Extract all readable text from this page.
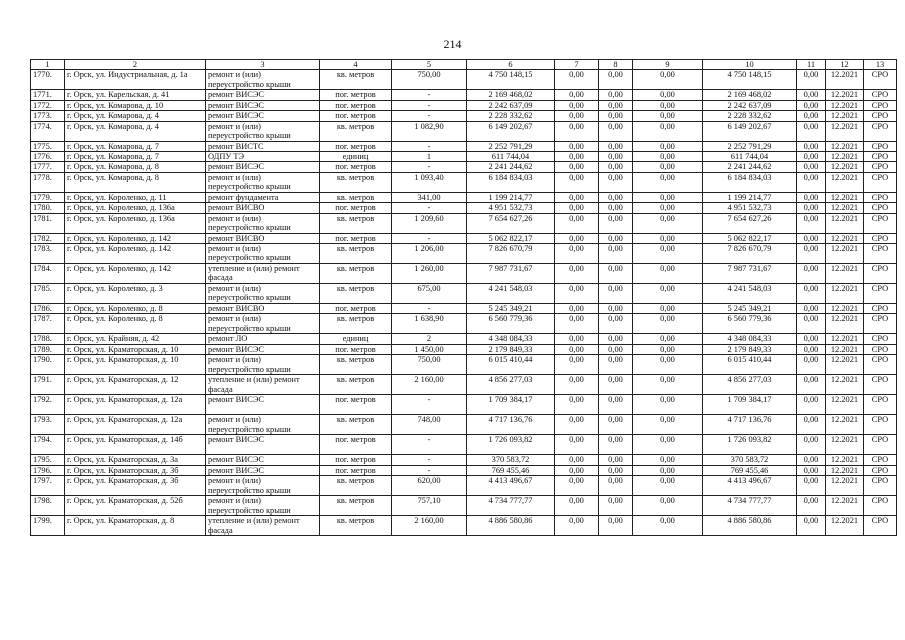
214
1	2	3	4	5	6	7	8	9	10	11	12	13
1770.	г. Орск, ул. Индустриальная, д. 1а	ремонт и (или) переустройство крыши	кв. метров	750,00	4 750 148,15	0,00	0,00	0,00	4 750 148,15	0,00	12.2021	СРО
1771.	г. Орск, ул. Карельская, д. 41	ремонт ВИСЭС	пог. метров	-	2 169 468,02	0,00	0,00	0,00	2 169 468,02	0,00	12.2021	СРО
1772.	г. Орск, ул. Комарова, д. 10	ремонт ВИСЭС	пог. метров	-	2 242 637,09	0,00	0,00	0,00	2 242 637,09	0,00	12.2021	СРО
1773.	г. Орск, ул. Комарова, д. 4	ремонт ВИСЭС	пог. метров	-	2 228 332,62	0,00	0,00	0,00	2 228 332,62	0,00	12.2021	СРО
1774.	г. Орск, ул. Комарова, д. 4	ремонт и (или) переустройство крыши	кв. метров	1 082,90	6 149 202,67	0,00	0,00	0,00	6 149 202,67	0,00	12.2021	СРО
1775.	г. Орск, ул. Комарова, д. 7	ремонт ВИСТС	пог. метров	-	2 252 791,29	0,00	0,00	0,00	2 252 791,29	0,00	12.2021	СРО
1776.	г. Орск, ул. Комарова, д. 7	ОДПУ ТЭ	единиц	1	611 744,04	0,00	0,00	0,00	611 744,04	0,00	12.2021	СРО
1777.	г. Орск, ул. Комарова, д. 8	ремонт ВИСЭС	пог. метров	-	2 241 244,62	0,00	0,00	0,00	2 241 244,62	0,00	12.2021	СРО
1778.	г. Орск, ул. Комарова, д. 8	ремонт и (или) переустройство крыши	кв. метров	1 093,40	6 184 834,03	0,00	0,00	0,00	6 184 834,03	0,00	12.2021	СРО
1779.	г. Орск, ул. Короленко, д. 11	ремонт фундамента	кв. метров	341,00	1 199 214,77	0,00	0,00	0,00	1 199 214,77	0,00	12.2021	СРО
1780.	г. Орск, ул. Короленко, д. 136а	ремонт ВИСВО	пог. метров	-	4 951 532,73	0,00	0,00	0,00	4 951 532,73	0,00	12.2021	СРО
1781.	г. Орск, ул. Короленко, д. 136а	ремонт и (или) переустройство крыши	кв. метров	1 209,60	7 654 627,26	0,00	0,00	0,00	7 654 627,26	0,00	12.2021	СРО
1782.	г. Орск, ул. Короленко, д. 142	ремонт ВИСВО	пог. метров	-	5 062 822,17	0,00	0,00	0,00	5 062 822,17	0,00	12.2021	СРО
1783.	г. Орск, ул. Короленко, д. 142	ремонт и (или) переустройство крыши	кв. метров	1 206,00	7 826 670,79	0,00	0,00	0,00	7 826 670,79	0,00	12.2021	СРО
1784.	г. Орск, ул. Короленко, д. 142	утепление и (или) ремонт фасада	кв. метров	1 260,00	7 987 731,67	0,00	0,00	0,00	7 987 731,67	0,00	12.2021	СРО
1785.	г. Орск, ул. Короленко, д. 3	ремонт и (или) переустройство крыши	кв. метров	675,00	4 241 548,03	0,00	0,00	0,00	4 241 548,03	0,00	12.2021	СРО
1786.	г. Орск, ул. Короленко, д. 8	ремонт ВИСВО	пог. метров	-	5 245 349,21	0,00	0,00	0,00	5 245 349,21	0,00	12.2021	СРО
1787.	г. Орск, ул. Короленко, д. 8	ремонт и (или) переустройство крыши	кв. метров	1 638,90	6 560 779,36	0,00	0,00	0,00	6 560 779,36	0,00	12.2021	СРО
1788.	г. Орск, ул. Крайняя, д. 42	ремонт ЛО	единиц	2	4 348 084,33	0,00	0,00	0,00	4 348 084,33	0,00	12.2021	СРО
1789.	г. Орск, ул. Краматорская, д. 10	ремонт ВИСЭС	пог. метров	1 450,00	2 179 849,33	0,00	0,00	0,00	2 179 849,33	0,00	12.2021	СРО
1790.	г. Орск, ул. Краматорская, д. 10	ремонт и (или) переустройство крыши	кв. метров	750,00	6 015 410,44	0,00	0,00	0,00	6 015 410,44	0,00	12.2021	СРО
1791.	г. Орск, ул. Краматорская, д. 12	утепление и (или) ремонт фасада	кв. метров	2 160,00	4 856 277,03	0,00	0,00	0,00	4 856 277,03	0,00	12.2021	СРО
1792.	г. Орск, ул. Краматорская, д. 12а	ремонт ВИСЭС	пог. метров	-	1 709 384,17	0,00	0,00	0,00	1 709 384,17	0,00	12.2021	СРО
1793.	г. Орск, ул. Краматорская, д. 12а	ремонт и (или) переустройство крыши	кв. метров	748,00	4 717 136,76	0,00	0,00	0,00	4 717 136,76	0,00	12.2021	СРО
1794.	г. Орск, ул. Краматорская, д. 14б	ремонт ВИСЭС	пог. метров	-	1 726 093,82	0,00	0,00	0,00	1 726 093,82	0,00	12.2021	СРО
1795.	г. Орск, ул. Краматорская, д. 3а	ремонт ВИСЭС	пог. метров	-	370 583,72	0,00	0,00	0,00	370 583,72	0,00	12.2021	СРО
1796.	г. Орск, ул. Краматорская, д. 3б	ремонт ВИСЭС	пог. метров	-	769 455,46	0,00	0,00	0,00	769 455,46	0,00	12.2021	СРО
1797.	г. Орск, ул. Краматорская, д. 3б	ремонт и (или) переустройство крыши	кв. метров	620,00	4 413 496,67	0,00	0,00	0,00	4 413 496,67	0,00	12.2021	СРО
1798.	г. Орск, ул. Краматорская, д. 52б	ремонт и (или) переустройство крыши	кв. метров	757,10	4 734 777,77	0,00	0,00	0,00	4 734 777,77	0,00	12.2021	СРО
1799.	г. Орск, ул. Краматорская, д. 8	утепление и (или) ремонт фасада	кв. метров	2 160,00	4 886 580,86	0,00	0,00	0,00	4 886 580,86	0,00	12.2021	СРО
